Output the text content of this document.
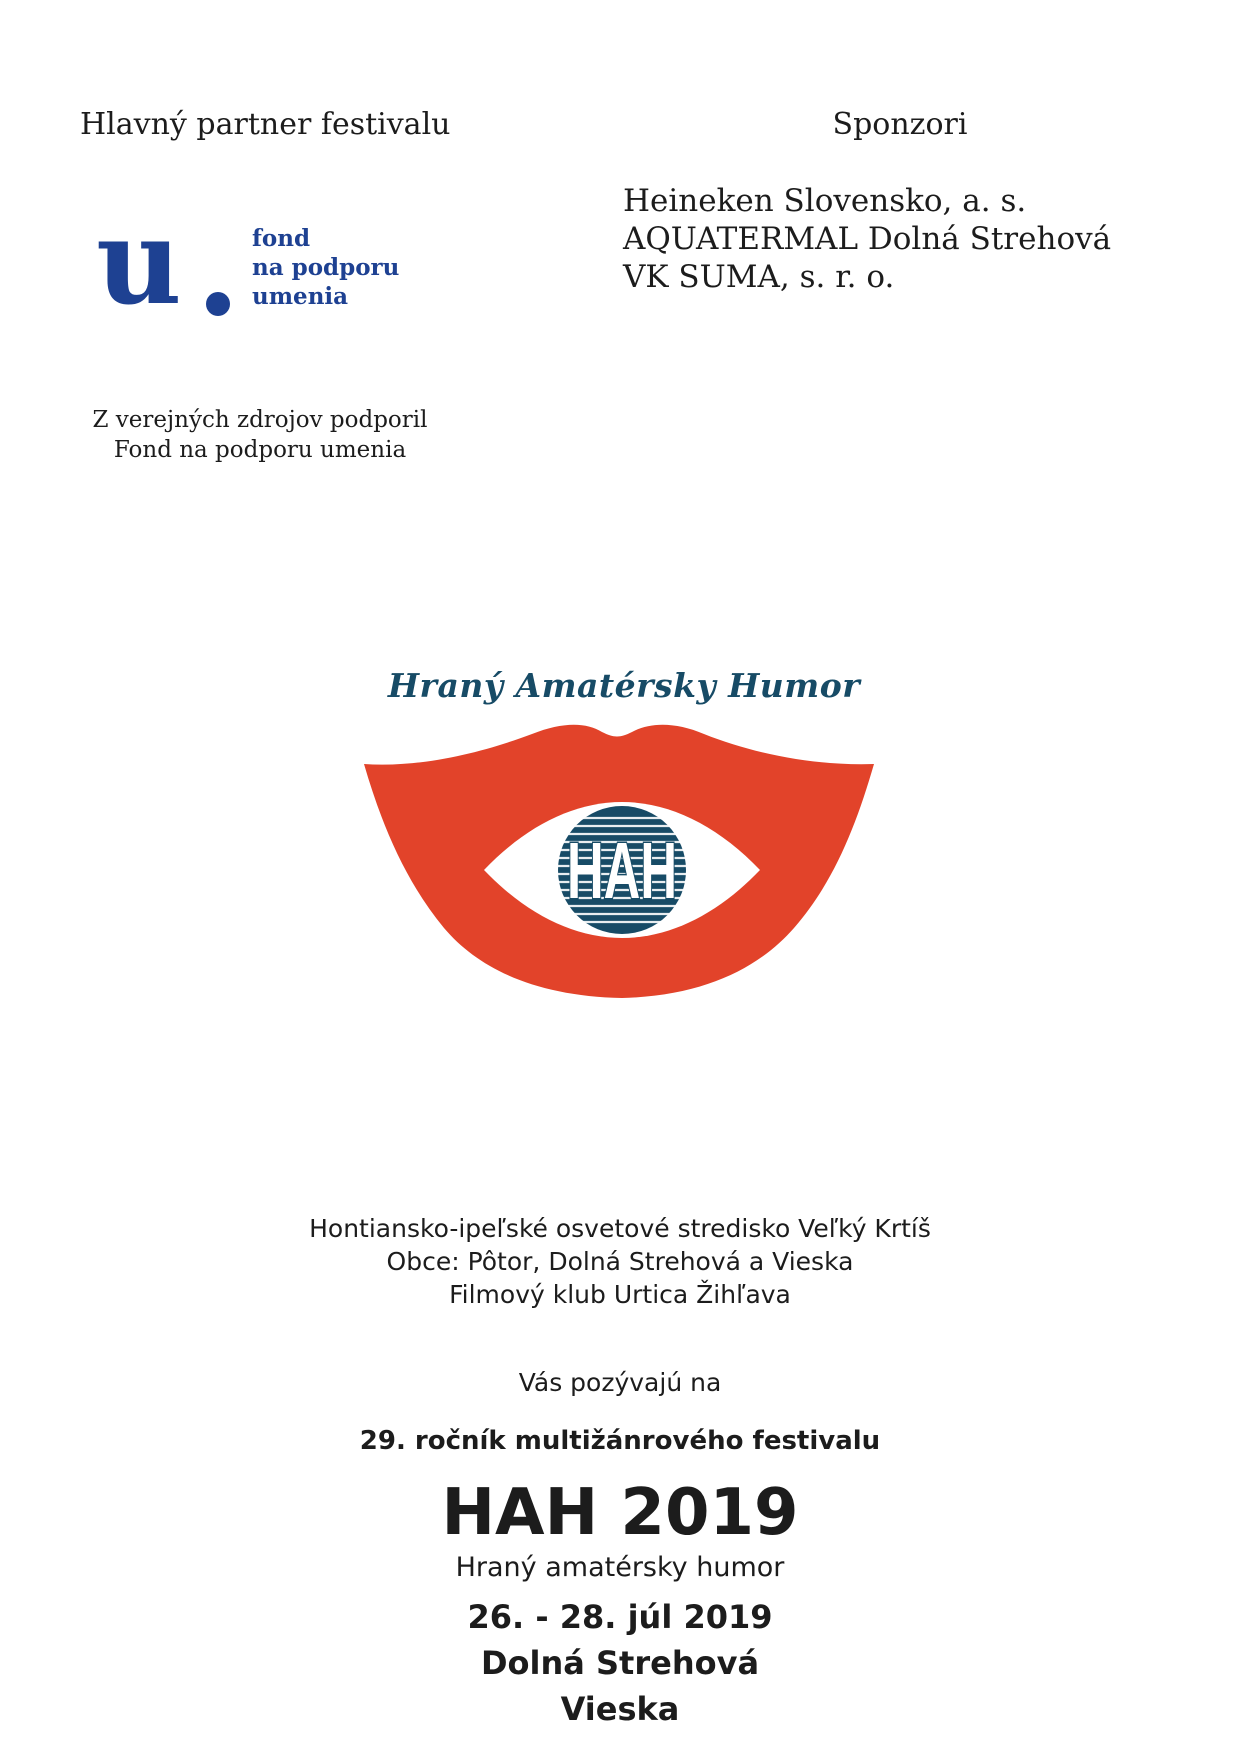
Hlavný partner festivalu
u	fond
na podporu
umenia
Z verejných zdrojov podporil
Fond na podporu umenia
Sponzori
Heineken Slovensko, a. s.
AQUATERMAL Dolná Strehová
VK SUMA, s. r. o.
Hraný Amatérsky Humor
HAH
Hontiansko-ipeľské osvetové stredisko Veľký Krtíš
Obce: Pôtor, Dolná Strehová a Vieska
Filmový klub Urtica Žihľava
Vás pozývajú na
29. ročník multižánrového festivalu
HAH 2019
Hraný amatérsky humor
26. - 28. júl 2019
Dolná Strehová
Vieska
